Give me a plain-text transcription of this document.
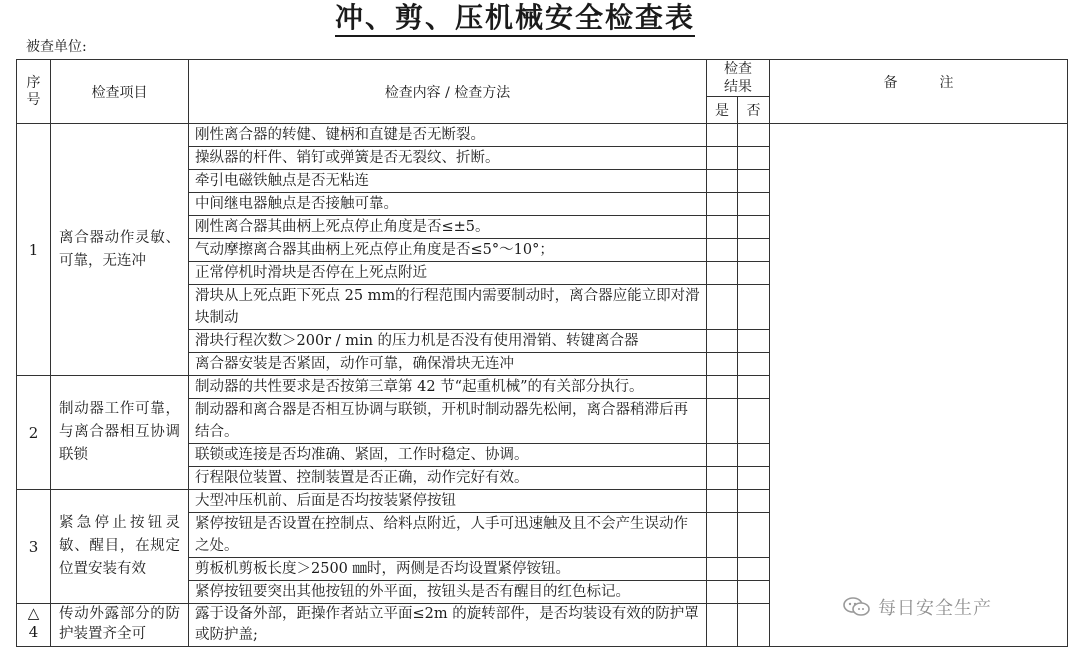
冲、剪、压机械安全检查表
被查单位:
序号	检查项目	检查内容 / 检查方法	检查结果		备　　　注
			是	否	
1	离合器动作灵敏、可靠，无连冲	刚性离合器的转健、键柄和直键是否无断裂。			
		操纵器的杆件、销钉或弹簧是否无裂纹、折断。			
		牵引电磁铁触点是否无粘连			
		中间继电器触点是否接触可靠。			
		刚性离合器其曲柄上死点停止角度是否≤±5。			
		气动摩擦离合器其曲柄上死点停止角度是否≤5°～10°；			
		正常停机时滑块是否停在上死点附近			
		滑块从上死点距下死点 25 mm的行程范围内需要制动时，离合器应能立即对滑块制动			
		滑块行程次数＞200r / min 的压力机是否没有使用滑销、转键离合器			
		离合器安装是否紧固，动作可靠，确保滑块无连冲			
2	制动器工作可靠，与离合器相互协调联锁	制动器的共性要求是否按第三章第 42 节“起重机械”的有关部分执行。			
		制动器和离合器是否相互协调与联锁，开机时制动器先松闸，离合器稍滞后再结合。			
		联锁或连接是否均准确、紧固，工作时稳定、协调。			
		行程限位装置、控制装置是否正确，动作完好有效。			
3	紧急停止按钮灵敏、醒目，在规定位置安装有效	大型冲压机前、后面是否均按装紧停按钮			
		紧停按钮是否设置在控制点、给料点附近，人手可迅速触及且不会产生误动作之处。			
		剪板机剪板长度＞2500 ㎜时，两侧是否均设置紧停铵钮。			
		紧停按钮要突出其他按钮的外平面，按钮头是否有醒目的红色标记。			
△4	传动外露部分的防护装置齐全可	露于设备外部，距操作者站立平面≤2m 的旋转部件，是否均装设有效的防护罩或防护盖;			
每日安全生产
